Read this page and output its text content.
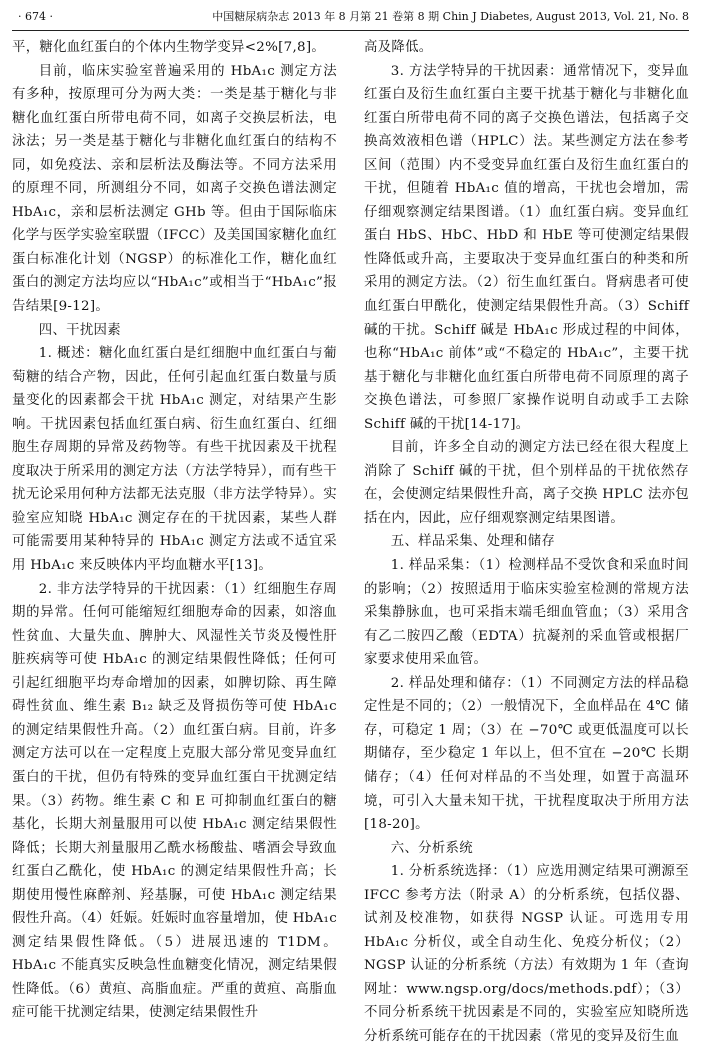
· 674 ·	中国糖尿病杂志 2013 年 8 月第 21 卷第 8 期 Chin J Diabetes, August 2013, Vol. 21, No. 8

平，糖化血红蛋白的个体内生物学变异<2%[7,8]。

目前，临床实验室普遍采用的 HbA₁c 测定方法有多种，按原理可分为两大类：一类是基于糖化与非糖化血红蛋白所带电荷不同，如离子交换层析法，电泳法；另一类是基于糖化与非糖化血红蛋白的结构不同，如免疫法、亲和层析法及酶法等。不同方法采用的原理不同，所测组分不同，如离子交换色谱法测定 HbA₁c，亲和层析法测定 GHb 等。但由于国际临床化学与医学实验室联盟（IFCC）及美国国家糖化血红蛋白标准化计划（NGSP）的标准化工作，糖化血红蛋白的测定方法均应以“HbA₁c”或相当于“HbA₁c”报告结果[9-12]。

四、干扰因素

1. 概述：糖化血红蛋白是红细胞中血红蛋白与葡萄糖的结合产物，因此，任何引起血红蛋白数量与质量变化的因素都会干扰 HbA₁c 测定，对结果产生影响。干扰因素包括血红蛋白病、衍生血红蛋白、红细胞生存周期的异常及药物等。有些干扰因素及干扰程度取决于所采用的测定方法（方法学特异），而有些干扰无论采用何种方法都无法克服（非方法学特异）。实验室应知晓 HbA₁c 测定存在的干扰因素，某些人群可能需要用某种特异的 HbA₁c 测定方法或不适宜采用 HbA₁c 来反映体内平均血糖水平[13]。

2. 非方法学特异的干扰因素：（1）红细胞生存周期的异常。任何可能缩短红细胞寿命的因素，如溶血性贫血、大量失血、脾肿大、风湿性关节炎及慢性肝脏疾病等可使 HbA₁c 的测定结果假性降低；任何可引起红细胞平均寿命增加的因素，如脾切除、再生障碍性贫血、维生素 B₁₂ 缺乏及肾损伤等可使 HbA₁c 的测定结果假性升高。（2）血红蛋白病。目前，许多测定方法可以在一定程度上克服大部分常见变异血红蛋白的干扰，但仍有特殊的变异血红蛋白干扰测定结果。（3）药物。维生素 C 和 E 可抑制血红蛋白的糖基化，长期大剂量服用可以使 HbA₁c 测定结果假性降低；长期大剂量服用乙酰水杨酸盐、嗜酒会导致血红蛋白乙酰化，使 HbA₁c 的测定结果假性升高；长期使用慢性麻醉剂、羟基脲，可使 HbA₁c 测定结果假性升高。（4）妊娠。妊娠时血容量增加，使 HbA₁c 测定结果假性降低。（5）进展迅速的 T1DM。HbA₁c 不能真实反映急性血糖变化情况，测定结果假性降低。（6）黄疸、高脂血症。严重的黄疸、高脂血症可能干扰测定结果，使测定结果假性升

高及降低。

3. 方法学特异的干扰因素：通常情况下，变异血红蛋白及衍生血红蛋白主要干扰基于糖化与非糖化血红蛋白所带电荷不同的离子交换色谱法，包括离子交换高效液相色谱（HPLC）法。某些测定方法在参考区间（范围）内不受变异血红蛋白及衍生血红蛋白的干扰，但随着 HbA₁c 值的增高，干扰也会增加，需仔细观察测定结果图谱。（1）血红蛋白病。变异血红蛋白 HbS、HbC、HbD 和 HbE 等可使测定结果假性降低或升高，主要取决于变异血红蛋白的种类和所采用的测定方法。（2）衍生血红蛋白。肾病患者可使血红蛋白甲酰化，使测定结果假性升高。（3）Schiff 碱的干扰。Schiff 碱是 HbA₁c 形成过程的中间体，也称“HbA₁c 前体”或“不稳定的 HbA₁c”，主要干扰基于糖化与非糖化血红蛋白所带电荷不同原理的离子交换色谱法，可参照厂家操作说明自动或手工去除 Schiff 碱的干扰[14-17]。

目前，许多全自动的测定方法已经在很大程度上消除了 Schiff 碱的干扰，但个别样品的干扰依然存在，会使测定结果假性升高，离子交换 HPLC 法亦包括在内，因此，应仔细观察测定结果图谱。

五、样品采集、处理和储存

1. 样品采集：（1）检测样品不受饮食和采血时间的影响；（2）按照适用于临床实验室检测的常规方法采集静脉血，也可采指末端毛细血管血；（3）采用含有乙二胺四乙酸（EDTA）抗凝剂的采血管或根据厂家要求使用采血管。

2. 样品处理和储存：（1）不同测定方法的样品稳定性是不同的；（2）一般情况下，全血样品在 4℃ 储存，可稳定 1 周；（3）在 −70℃ 或更低温度可以长期储存，至少稳定 1 年以上，但不宜在 −20℃ 长期储存；（4）任何对样品的不当处理，如置于高温环境，可引入大量未知干扰，干扰程度取决于所用方法[18-20]。

六、分析系统

1. 分析系统选择：（1）应选用测定结果可溯源至 IFCC 参考方法（附录 A）的分析系统，包括仪器、试剂及校准物，如获得 NGSP 认证。可选用专用 HbA₁c 分析仪，或全自动生化、免疫分析仪；（2）NGSP 认证的分析系统（方法）有效期为 1 年（查询网址：www.ngsp.org/docs/methods.pdf）；（3）不同分析系统干扰因素是不同的，实验室应知晓所选分析系统可能存在的干扰因素（常见的变异及衍生血
